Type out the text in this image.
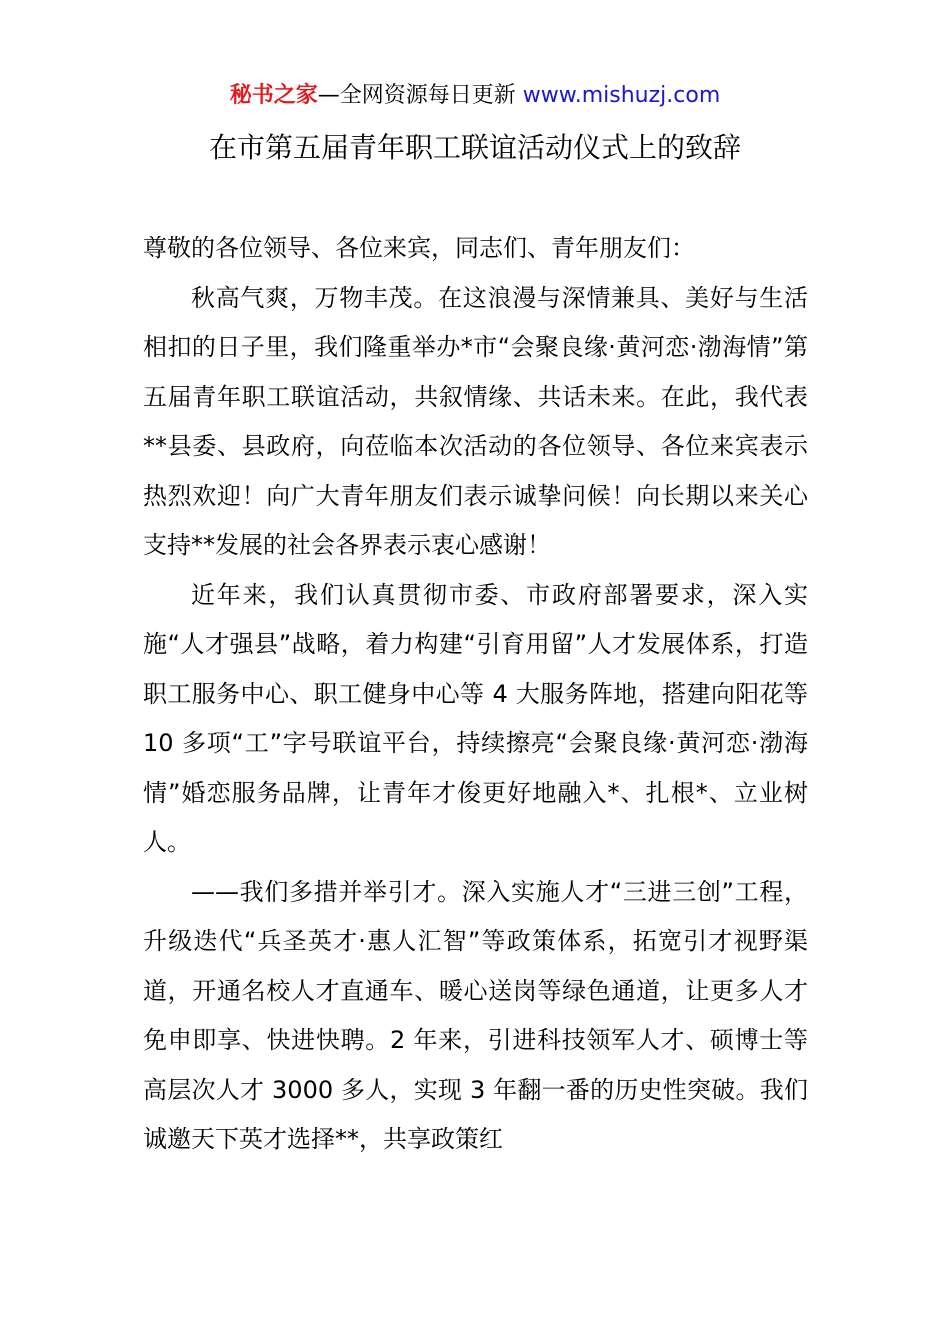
秘书之家—全网资源每日更新 www.mishuzj.com
在市第五届青年职工联谊活动仪式上的致辞

尊敬的各位领导、各位来宾，同志们、青年朋友们：

秋高气爽，万物丰茂。在这浪漫与深情兼具、美好与生活相扣的日子里，我们隆重举办*市“会聚良缘·黄河恋·渤海情”第五届青年职工联谊活动，共叙情缘、共话未来。在此，我代表**县委、县政府，向莅临本次活动的各位领导、各位来宾表示热烈欢迎！向广大青年朋友们表示诚挚问候！向长期以来关心支持**发展的社会各界表示衷心感谢！

近年来，我们认真贯彻市委、市政府部署要求，深入实施“人才强县”战略，着力构建“引育用留”人才发展体系，打造职工服务中心、职工健身中心等 4 大服务阵地，搭建向阳花等 10 多项“工”字号联谊平台，持续擦亮“会聚良缘·黄河恋·渤海情”婚恋服务品牌，让青年才俊更好地融入*、扎根*、立业树人。

——我们多措并举引才。深入实施人才“三进三创”工程，升级迭代“兵圣英才·惠人汇智”等政策体系，拓宽引才视野渠道，开通名校人才直通车、暖心送岗等绿色通道，让更多人才免申即享、快进快聘。2 年来，引进科技领军人才、硕博士等高层次人才 3000 多人，实现 3 年翻一番的历史性突破。我们诚邀天下英才选择**，共享政策红
